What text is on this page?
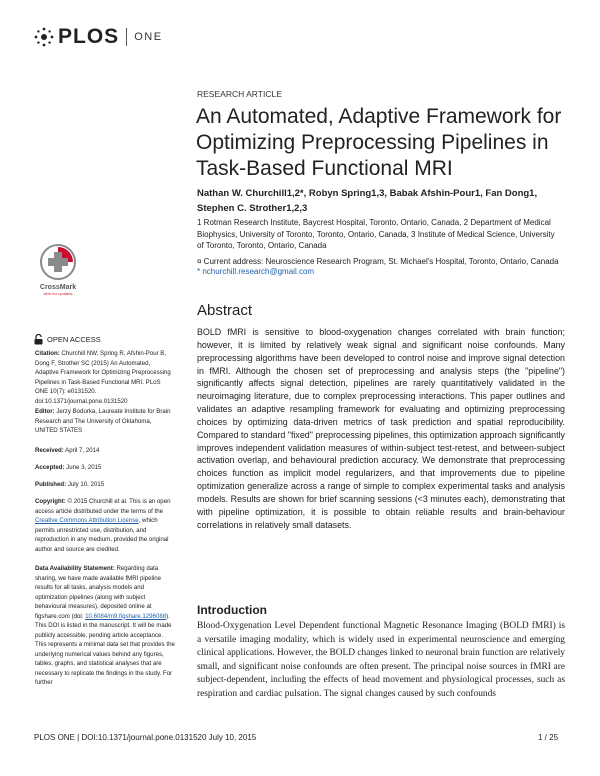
PLOS ONE
RESEARCH ARTICLE
An Automated, Adaptive Framework for Optimizing Preprocessing Pipelines in Task-Based Functional MRI
Nathan W. Churchill1,2*, Robyn Spring1,3, Babak Afshin-Pour1, Fan Dong1, Stephen C. Strother1,2,3
1 Rotman Research Institute, Baycrest Hospital, Toronto, Ontario, Canada, 2 Department of Medical Biophysics, University of Toronto, Toronto, Ontario, Canada, 3 Institute of Medical Science, University of Toronto, Toronto, Ontario, Canada
¤ Current address: Neuroscience Research Program, St. Michael's Hospital, Toronto, Ontario, Canada
* nchurchill.research@gmail.com
CrossMark
click for updates
OPEN ACCESS
Citation: Churchill NW, Spring R, Afshin-Pour B, Dong F, Strother SC (2015) An Automated, Adaptive Framework for Optimizing Preprocessing Pipelines in Task-Based Functional MRI. PLoS ONE 10(7): e0131520. doi:10.1371/journal.pone.0131520
Editor: Jerzy Bodurka, Laureate Institute for Brain Research and The University of Oklahoma, UNITED STATES
Received: April 7, 2014
Accepted: June 3, 2015
Published: July 10, 2015
Copyright: © 2015 Churchill et al. This is an open access article distributed under the terms of the Creative Commons Attribution License, which permits unrestricted use, distribution, and reproduction in any medium, provided the original author and source are credited.
Data Availability Statement: Regarding data sharing, we have made available fMRI pipeline results for all tasks, analysis models and optimization pipelines (along with subject behavioural measures), deposited online at figshare.com (doi: 10.6084/m9.figshare.1296088). This DOI is listed in the manuscript. It will be made publicly accessible, pending article acceptance. This represents a minimal data set that provides the underlying numerical values behind any figures, tables, graphs, and statistical analyses that are necessary to replicate the findings in the study. For further
Abstract
BOLD fMRI is sensitive to blood-oxygenation changes correlated with brain function; however, it is limited by relatively weak signal and significant noise confounds. Many preprocessing algorithms have been developed to control noise and improve signal detection in fMRI. Although the chosen set of preprocessing and analysis steps (the "pipeline") significantly affects signal detection, pipelines are rarely quantitatively validated in the neuroimaging literature, due to complex preprocessing interactions. This paper outlines and validates an adaptive resampling framework for evaluating and optimizing preprocessing choices by optimizing data-driven metrics of task prediction and spatial reproducibility. Compared to standard "fixed" preprocessing pipelines, this optimization approach significantly improves independent validation measures of within-subject test-retest, and between-subject activation overlap, and behavioural prediction accuracy. We demonstrate that preprocessing choices function as implicit model regularizers, and that improvements due to pipeline optimization generalize across a range of simple to complex experimental tasks and analysis models. Results are shown for brief scanning sessions (<3 minutes each), demonstrating that with pipeline optimization, it is possible to obtain reliable results and brain-behaviour correlations in relatively small datasets.
Introduction
Blood-Oxygenation Level Dependent functional Magnetic Resonance Imaging (BOLD fMRI) is a versatile imaging modality, which is widely used in experimental neuroscience and emerging clinical applications. However, the BOLD changes linked to neuronal brain function are relatively small, and significant noise confounds are often present. The principal noise sources in fMRI are subject-dependent, including the effects of head movement and physiological processes, such as respiration and cardiac pulsation. The signal changes caused by such confounds
PLOS ONE | DOI:10.1371/journal.pone.0131520 July 10, 2015	1 / 25
